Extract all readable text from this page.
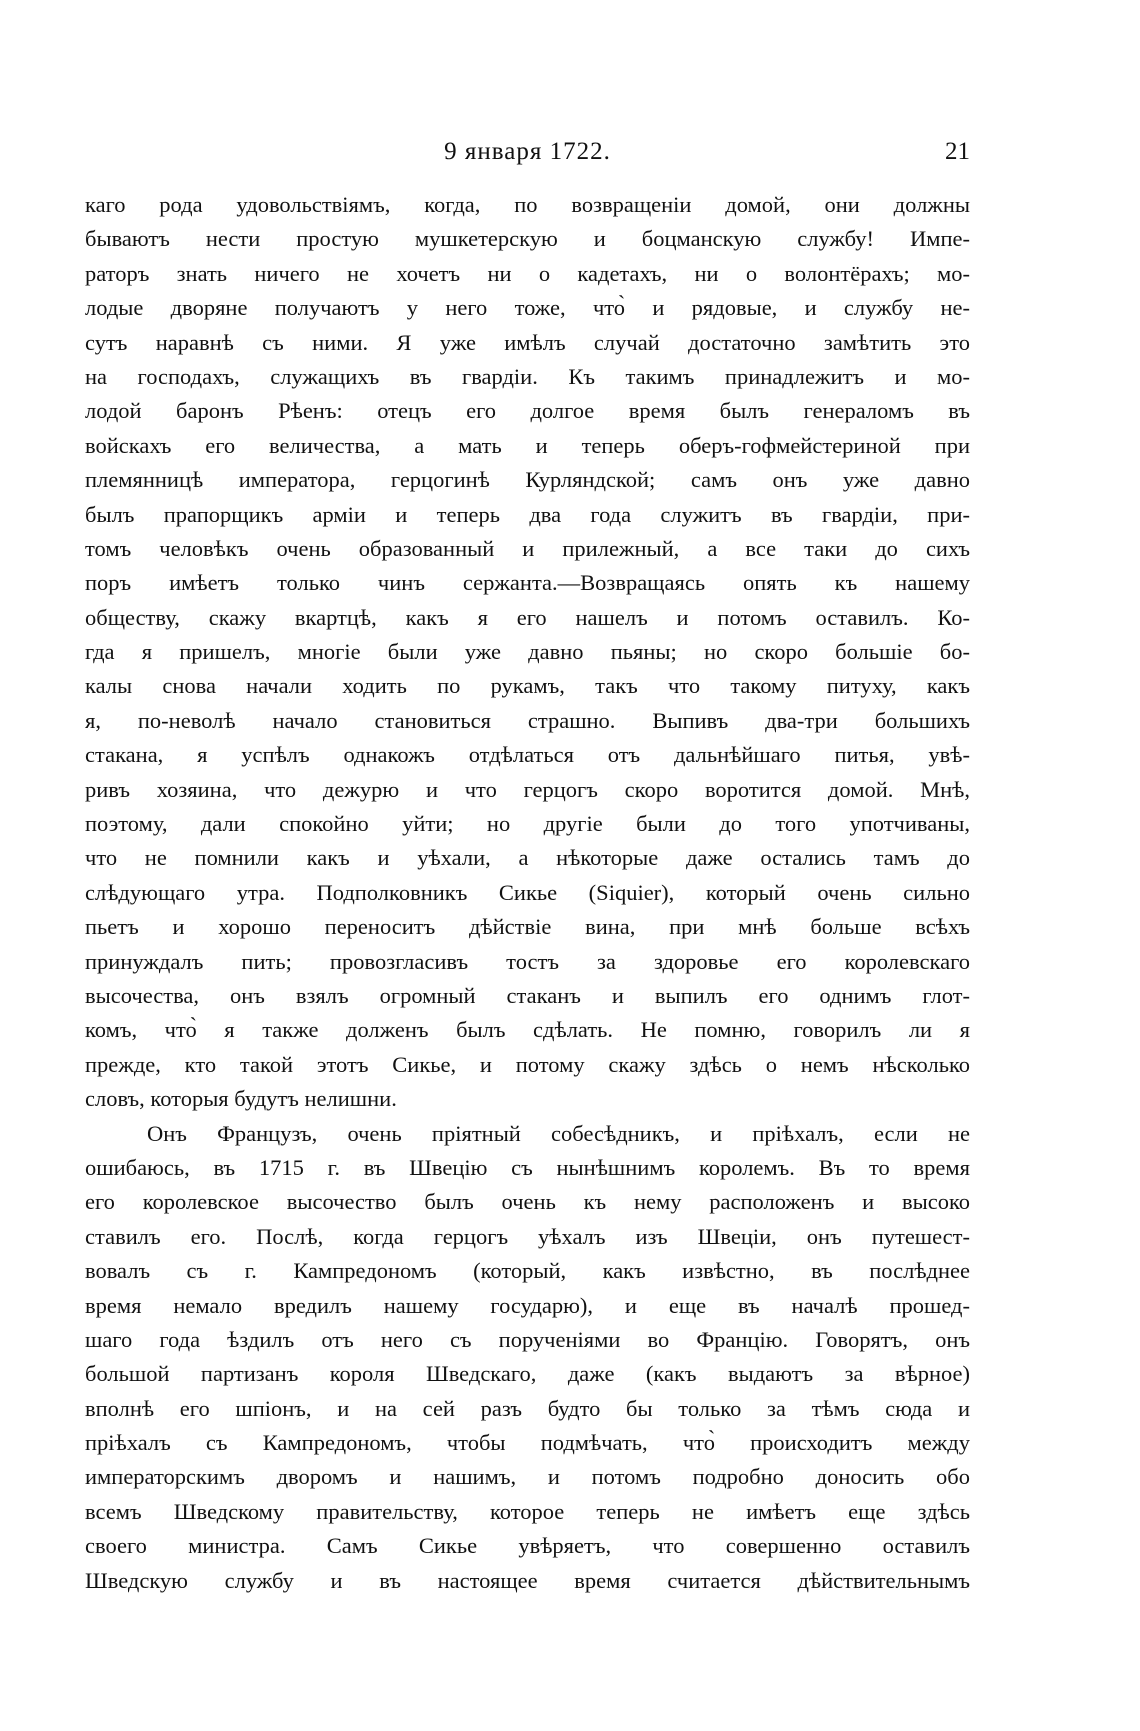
9 января 1722.	21
каго рода удовольствіямъ, когда, по возвращеніи домой, они должны
бываютъ нести простую мушкетерскую и боцманскую службу! Импе-
раторъ знать ничего не хочетъ ни о кадетахъ, ни о волонтёрахъ; мо-
лодые дворяне получаютъ у него тоже, что̀ и рядовые, и службу не-
сутъ наравнѣ съ ними. Я уже имѣлъ случай достаточно замѣтить это
на господахъ, служащихъ въ гвардіи. Къ такимъ принадлежитъ и мо-
лодой баронъ Рѣенъ: отецъ его долгое время былъ генераломъ въ
войскахъ его величества, а мать и теперь оберъ-гофмейстериной при
племянницѣ императора, герцогинѣ Курляндской; самъ онъ уже давно
былъ прапорщикъ арміи и теперь два года служитъ въ гвардіи, при-
томъ человѣкъ очень образованный и прилежный, а все таки до сихъ
поръ имѣетъ только чинъ сержанта.—Возвращаясь опять къ нашему
обществу, скажу вкартцѣ, какъ я его нашелъ и потомъ оставилъ. Ко-
гда я пришелъ, многіе были уже давно пьяны; но скоро большіе бо-
калы снова начали ходить по рукамъ, такъ что такому питуху, какъ
я, по-неволѣ начало становиться страшно. Выпивъ два-три большихъ
стакана, я успѣлъ однакожъ отдѣлаться отъ дальнѣйшаго питья, увѣ-
ривъ хозяина, что дежурю и что герцогъ скоро воротится домой. Мнѣ,
поэтому, дали спокойно уйти; но другіе были до того употчиваны,
что не помнили какъ и уѣхали, а нѣкоторые даже остались тамъ до
слѣдующаго утра. Подполковникъ Сикье (Siquier), который очень сильно
пьетъ и хорошо переноситъ дѣйствіе вина, при мнѣ больше всѣхъ
принуждалъ пить; провозгласивъ тостъ за здоровье его королевскаго
высочества, онъ взялъ огромный стаканъ и выпилъ его однимъ глот-
комъ, что̀ я также долженъ былъ сдѣлать. Не помню, говорилъ ли я
прежде, кто такой этотъ Сикье, и потому скажу здѣсь о немъ нѣсколько
словъ, которыя будутъ нелишни.
Онъ Французъ, очень пріятный собесѣдникъ, и пріѣхалъ, если не
ошибаюсь, въ 1715 г. въ Швецію съ нынѣшнимъ королемъ. Въ то время
его королевское высочество былъ очень къ нему расположенъ и высоко
ставилъ его. Послѣ, когда герцогъ уѣхалъ изъ Швеціи, онъ путешест-
вовалъ съ г. Кампредономъ (который, какъ извѣстно, въ послѣднее
время немало вредилъ нашему государю), и еще въ началѣ прошед-
шаго года ѣздилъ отъ него съ порученіями во Францію. Говорятъ, онъ
большой партизанъ короля Шведскаго, даже (какъ выдаютъ за вѣрное)
вполнѣ его шпіонъ, и на сей разъ будто бы только за тѣмъ сюда и
пріѣхалъ съ Кампредономъ, чтобы подмѣчать, что̀ происходитъ между
императорскимъ дворомъ и нашимъ, и потомъ подробно доносить обо
всемъ Шведскому правительству, которое теперь не имѣетъ еще здѣсь
своего министра. Самъ Сикье увѣряетъ, что совершенно оставилъ
Шведскую службу и въ настоящее время считается дѣйствительнымъ
